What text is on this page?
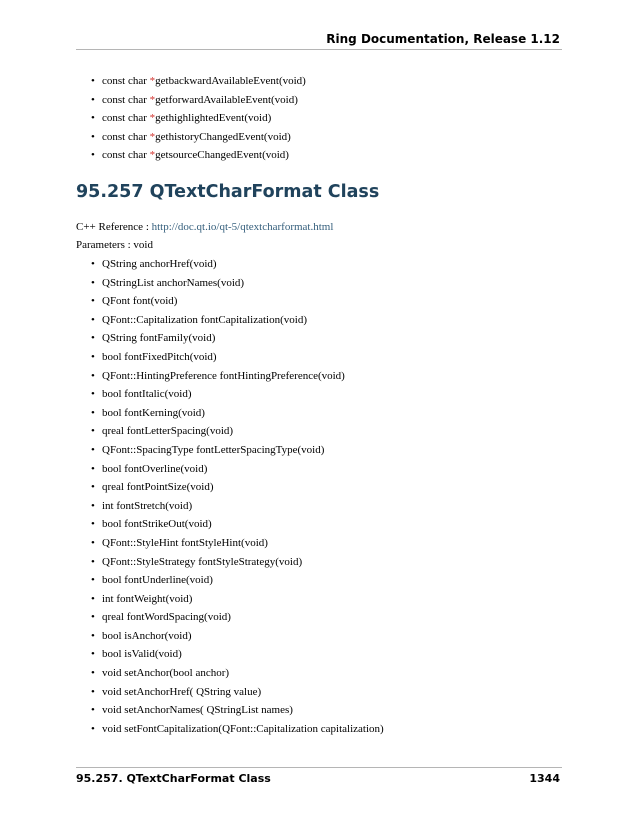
Ring Documentation, Release 1.12
• const char *getbackwardAvailableEvent(void)
• const char *getforwardAvailableEvent(void)
• const char *gethighlightedEvent(void)
• const char *gethistoryChangedEvent(void)
• const char *getsourceChangedEvent(void)
95.257 QTextCharFormat Class
C++ Reference : http://doc.qt.io/qt-5/qtextcharformat.html
Parameters : void
• QString anchorHref(void)
• QStringList anchorNames(void)
• QFont font(void)
• QFont::Capitalization fontCapitalization(void)
• QString fontFamily(void)
• bool fontFixedPitch(void)
• QFont::HintingPreference fontHintingPreference(void)
• bool fontItalic(void)
• bool fontKerning(void)
• qreal fontLetterSpacing(void)
• QFont::SpacingType fontLetterSpacingType(void)
• bool fontOverline(void)
• qreal fontPointSize(void)
• int fontStretch(void)
• bool fontStrikeOut(void)
• QFont::StyleHint fontStyleHint(void)
• QFont::StyleStrategy fontStyleStrategy(void)
• bool fontUnderline(void)
• int fontWeight(void)
• qreal fontWordSpacing(void)
• bool isAnchor(void)
• bool isValid(void)
• void setAnchor(bool anchor)
• void setAnchorHref( QString value)
• void setAnchorNames( QStringList names)
• void setFontCapitalization(QFont::Capitalization capitalization)
95.257. QTextCharFormat Class	1344
